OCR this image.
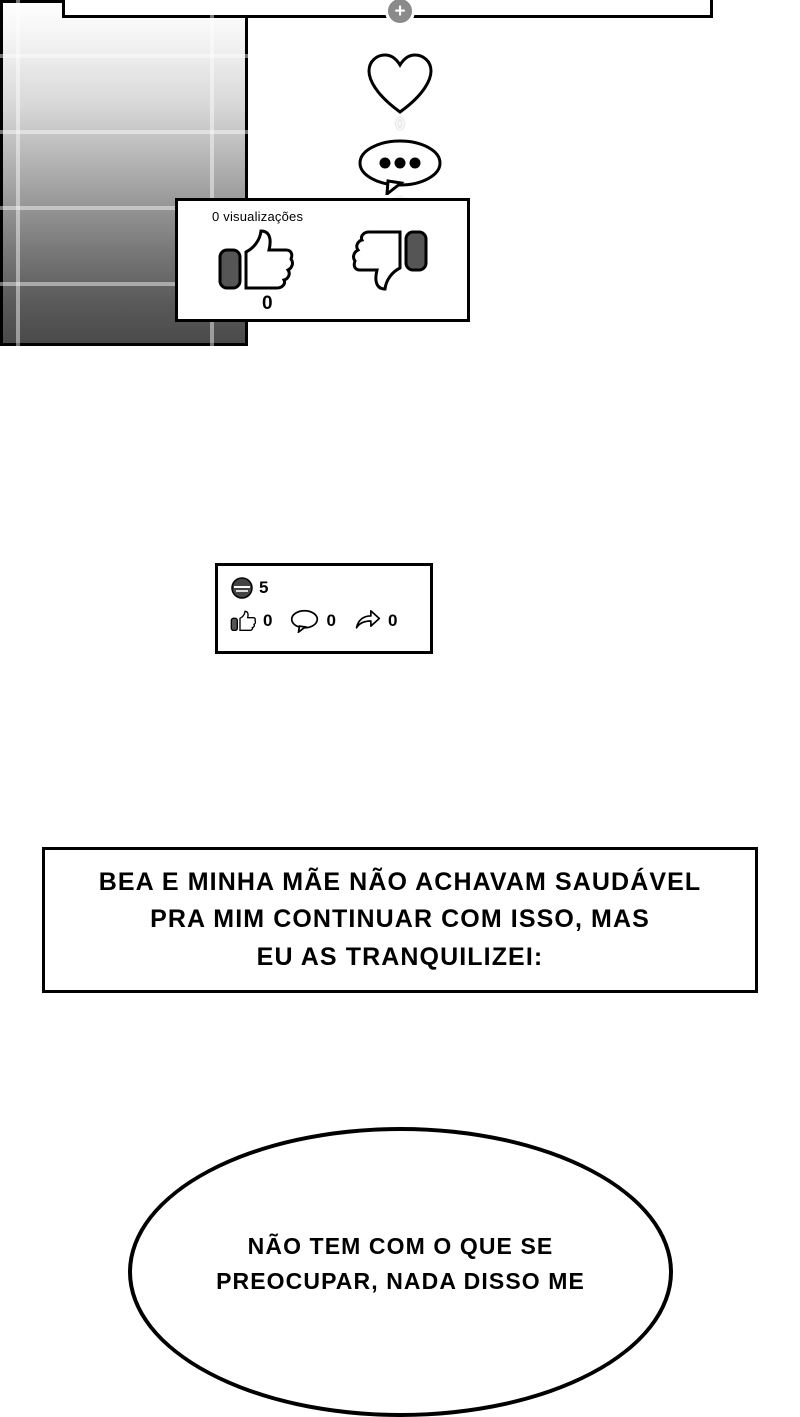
+
0
0 visualizações
0
5
0	0	0
BEA E MINHA MÃE NÃO ACHAVAM SAUDÁVEL
PRA MIM CONTINUAR COM ISSO, MAS
EU AS TRANQUILIZEI:
NÃO TEM COM O QUE SE
PREOCUPAR, NADA DISSO ME
